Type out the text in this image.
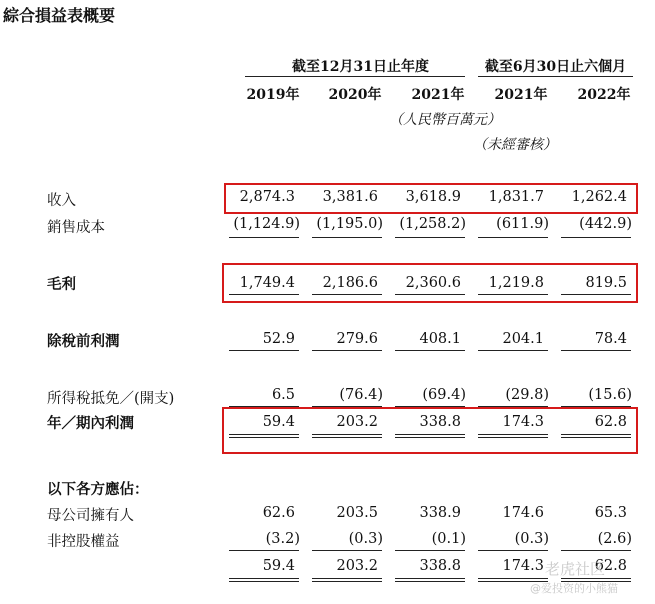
綜合損益表概要
截至12月31日止年度	截至6月30日止六個月
2019年	2020年	2021年	2021年	2022年
（人民幣百萬元）
（未經審核）
收入	2,874.3	3,381.6	3,618.9	1,831.7	1,262.4
銷售成本	(1,124.9)	(1,195.0)	(1,258.2)	(611.9)	(442.9)
毛利	1,749.4	2,186.6	2,360.6	1,219.8	819.5
除稅前利潤	52.9	279.6	408.1	204.1	78.4
所得稅抵免／(開支)	6.5	(76.4)	(69.4)	(29.8)	(15.6)
年／期內利潤	59.4	203.2	338.8	174.3	62.8
以下各方應佔：
母公司擁有人	62.6	203.5	338.9	174.6	65.3
非控股權益	(3.2)	(0.3)	(0.1)	(0.3)	(2.6)
59.4	203.2	338.8	174.3	62.8
老虎社区
@爱投资的小熊猫
